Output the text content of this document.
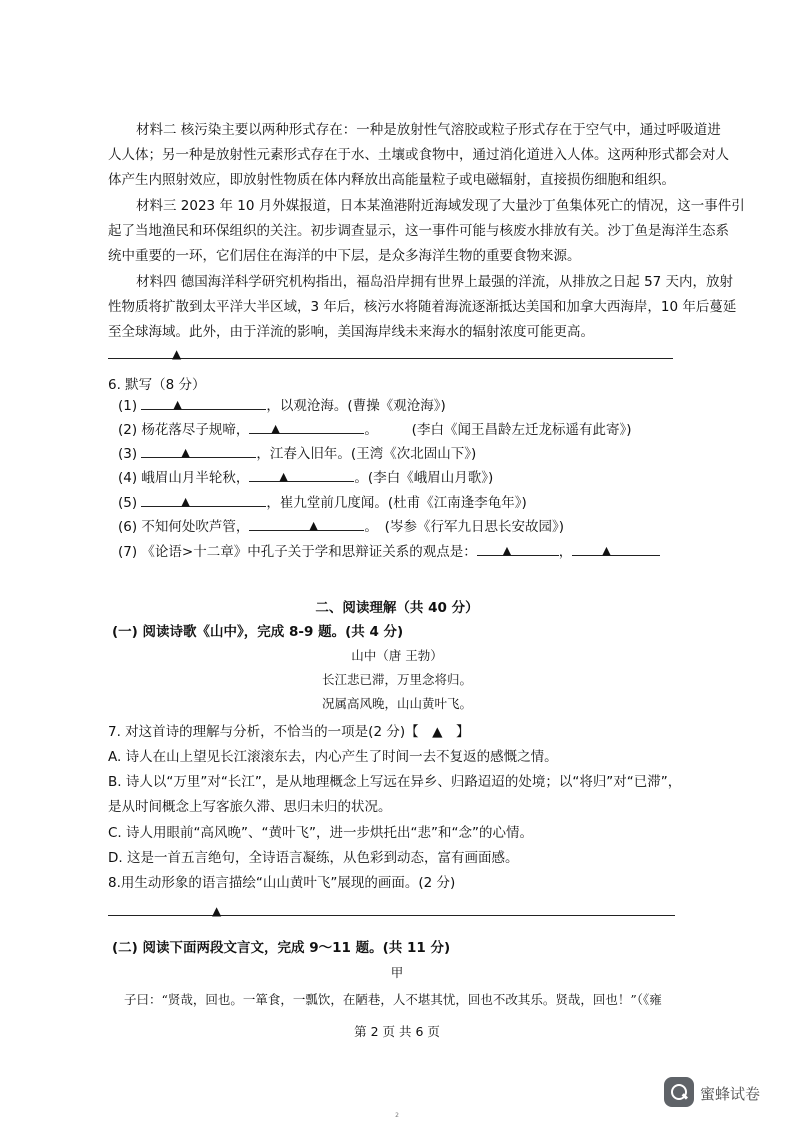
材料二 核污染主要以两种形式存在：一种是放射性气溶胶或粒子形式存在于空气中，通过呼吸道进
人人体；另一种是放射性元素形式存在于水、土壤或食物中，通过消化道进入人体。这两种形式都会对人
体产生内照射效应，即放射性物质在体内释放出高能量粒子或电磁辐射，直接损伤细胞和组织。
材料三 2023 年 10 月外媒报道，日本某渔港附近海域发现了大量沙丁鱼集体死亡的情况，这一事件引
起了当地渔民和环保组织的关注。初步调查显示，这一事件可能与核废水排放有关。沙丁鱼是海洋生态系
统中重要的一环，它们居住在海洋的中下层，是众多海洋生物的重要食物来源。
材料四 德国海洋科学研究机构指出，福岛沿岸拥有世界上最强的洋流，从排放之日起 57 天内，放射
性物质将扩散到太平洋大半区域，3 年后，核污水将随着海流逐渐抵达美国和加拿大西海岸，10 年后蔓延
至全球海域。此外，由于洋流的影响，美国海岸线未来海水的辐射浓度可能更高。
▲
6. 默写（8 分）
(1)	▲	，以观沧海。(曹操《观沧海》)
(2) 杨花落尽子规啼， ▲	。　　　(李白《闻王昌龄左迁龙标遥有此寄》)
(3)	▲	，江春入旧年。(王湾《次北固山下》)
(4) 峨眉山月半轮秋，	▲	。(李白《峨眉山月歌》)
(5)	▲	，崔九堂前几度闻。(杜甫《江南逢李龟年》)
(6) 不知何处吹芦管，	▲	。　(岑参《行军九日思长安故园》)
(7) 《论语>十二章》中孔子关于学和思辩证关系的观点是： ▲	，	▲
二、阅读理解（共 40 分）
(一) 阅读诗歌《山中》，完成 8-9 题。(共 4 分)
山中（唐 王勃）
长江悲已滞，万里念将归。
况属高风晚，山山黄叶飞。
7. 对这首诗的理解与分析，不恰当的一项是(2 分)【　▲　】
A. 诗人在山上望见长江滚滚东去，内心产生了时间一去不复返的感慨之情。
B. 诗人以“万里”对“长江”，是从地理概念上写远在异乡、归路迢迢的处境；以“将归”对“已滞”，
是从时间概念上写客旅久滞、思归未归的状况。
C. 诗人用眼前“高风晚”、“黄叶飞”，进一步烘托出“悲”和“念”的心情。
D. 这是一首五言绝句，全诗语言凝练，从色彩到动态，富有画面感。
8.用生动形象的语言描绘“山山黄叶飞”展现的画面。(2 分)
▲
(二) 阅读下面两段文言文，完成 9～11 题。(共 11 分)
甲
子曰：“贤哉，回也。一箪食，一瓢饮，在陋巷，人不堪其忧，回也不改其乐。贤哉，回也！”（《雍
第 2 页 共 6 页
蜜蜂试卷
2
